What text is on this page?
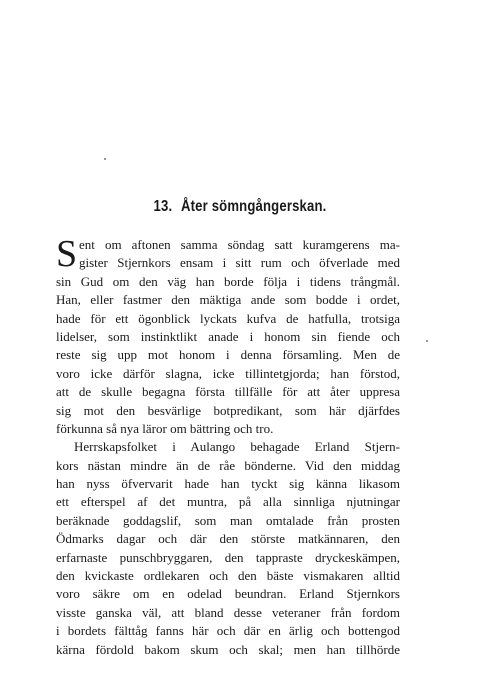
13. Åter sömngångerskan.
S ent om aftonen samma söndag satt kuramgerens ma-
gister Stjernkors ensam i sitt rum och öfverlade med
sin Gud om den väg han borde följa i tidens trångmål.
Han, eller fastmer den mäktiga ande som bodde i ordet,
hade för ett ögonblick lyckats kufva de hatfulla, trotsiga
lidelser, som instinktlikt anade i honom sin fiende och
reste sig upp mot honom i denna församling. Men de
voro icke därför slagna, icke tillintetgjorda; han förstod,
att de skulle begagna första tillfälle för att åter uppresa
sig mot den besvärlige botpredikant, som här djärfdes
förkunna så nya läror om bättring och tro.
Herrskapsfolket i Aulango behagade Erland Stjern-
kors nästan mindre än de råe bönderne. Vid den middag
han nyss öfvervarit hade han tyckt sig känna likasom
ett efterspel af det muntra, på alla sinnliga njutningar
beräknade goddagslif, som man omtalade från prosten
Ödmarks dagar och där den störste matkännaren, den
erfarnaste punschbryggaren, den tappraste dryckeskämpen,
den kvickaste ordlekaren och den bäste vismakaren alltid
voro säkre om en odelad beundran. Erland Stjernkors
visste ganska väl, att bland desse veteraner från fordom
i bordets fälttåg fanns här och där en ärlig och bottengod
kärna fördold bakom skum och skal; men han tillhörde
